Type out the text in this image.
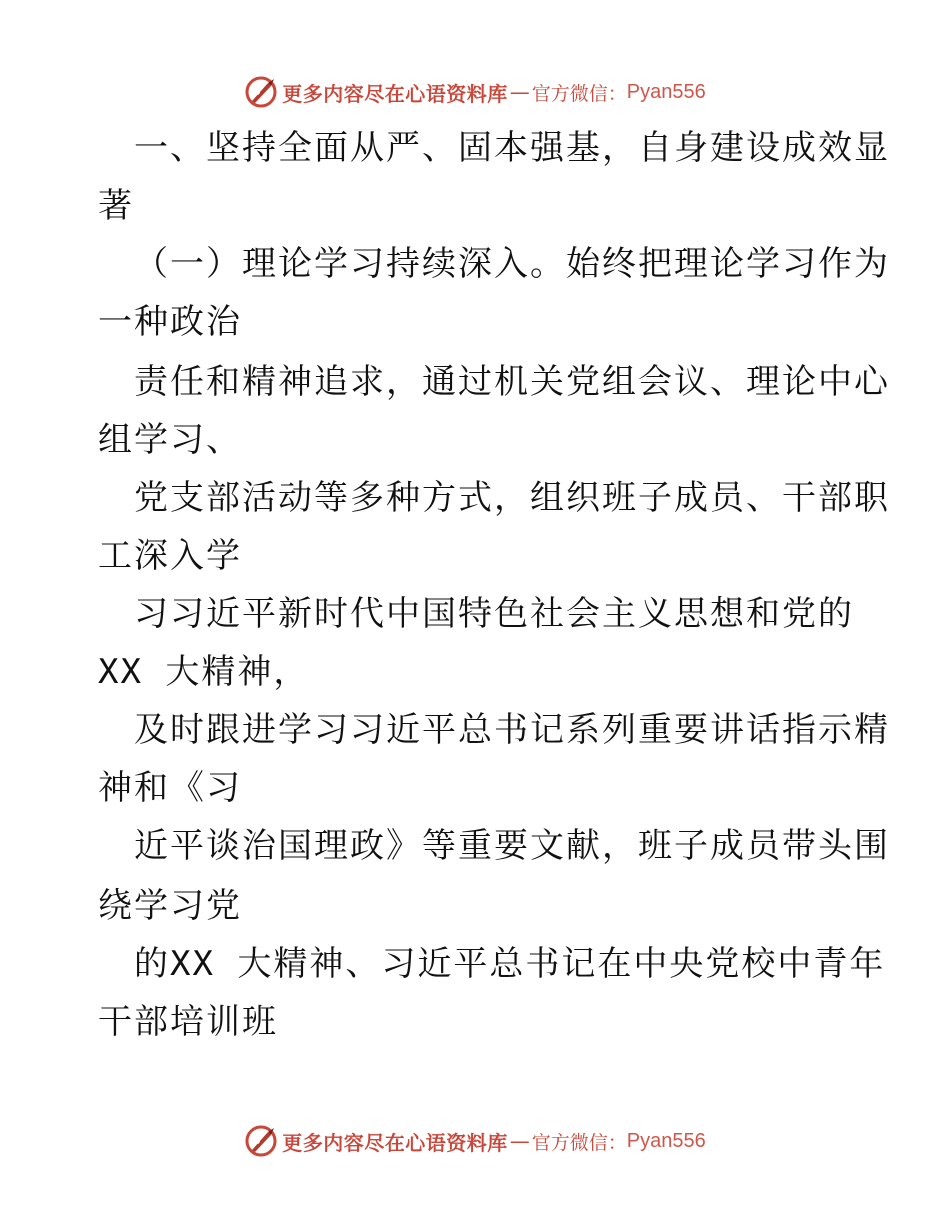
更多内容尽在心语资料库 — 官方微信： Pyan556
一、坚持全面从严、固本强基，自身建设成效显
著
（一）理论学习持续深入。始终把理论学习作为
一种政治
责任和精神追求，通过机关党组会议、理论中心
组学习、
党支部活动等多种方式，组织班子成员、干部职
工深入学
习习近平新时代中国特色社会主义思想和党的
XX 大精神，
及时跟进学习习近平总书记系列重要讲话指示精
神和《习
近平谈治国理政》等重要文献，班子成员带头围
绕学习党
的XX 大精神、习近平总书记在中央党校中青年
干部培训班
更多内容尽在心语资料库 — 官方微信： Pyan556
